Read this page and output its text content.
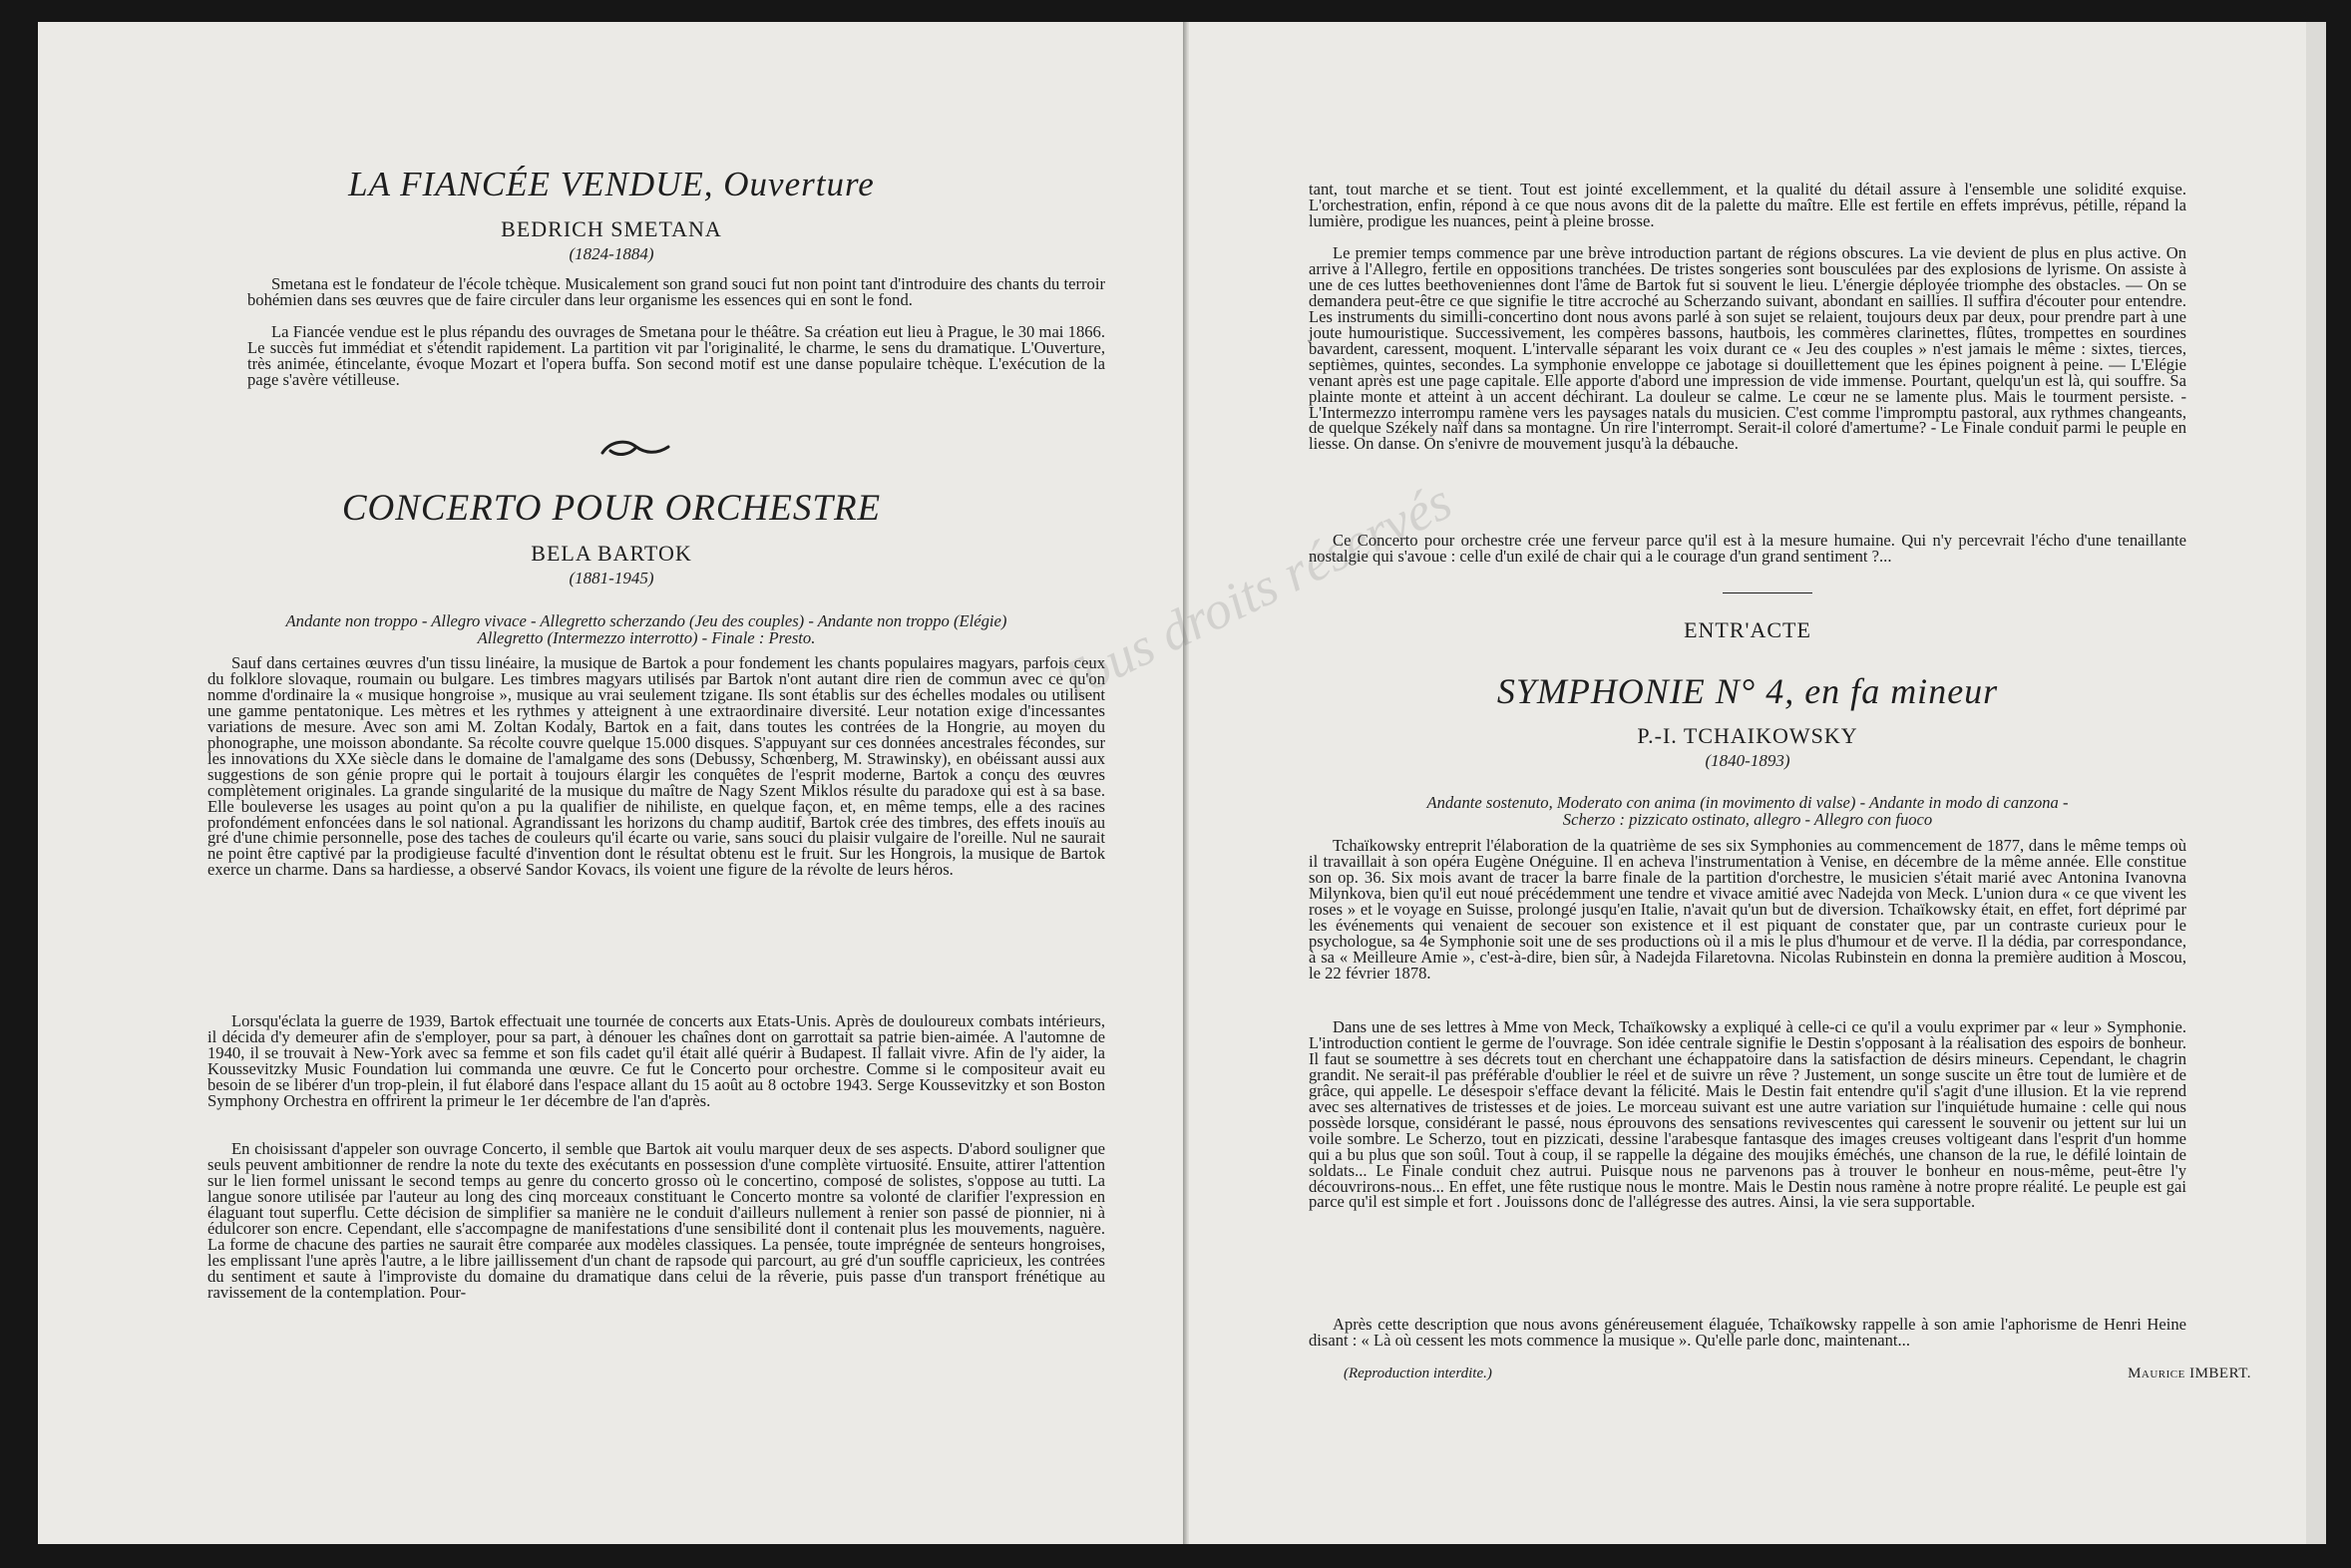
LA FIANCÉE VENDUE, Ouverture
BEDRICH SMETANA

(1824-1884)

Smetana est le fondateur de l'école tchèque. Musicalement son grand souci fut non point tant d'introduire des chants du terroir bohémien dans ses œuvres que de faire circuler dans leur organisme les essences qui en sont le fond.

La Fiancée vendue est le plus répandu des ouvrages de Smetana pour le théâtre. Sa création eut lieu à Prague, le 30 mai 1866. Le succès fut immédiat et s'étendit rapidement. La partition vit par l'originalité, le charme, le sens du dramatique. L'Ouverture, très animée, étincelante, évoque Mozart et l'opera buffa. Son second motif est une danse populaire tchèque. L'exécution de la page s'avère vétilleuse.

CONCERTO POUR ORCHESTRE
BELA BARTOK

(1881-1945)

Andante non troppo - Allegro vivace - Allegretto scherzando (Jeu des couples) - Andante non troppo (Elégie)

Allegretto (Intermezzo interrotto) - Finale : Presto.

Sauf dans certaines œuvres d'un tissu linéaire, la musique de Bartok a pour fondement les chants populaires magyars, parfois ceux du folklore slovaque, roumain ou bulgare. Les timbres magyars utilisés par Bartok n'ont autant dire rien de commun avec ce qu'on nomme d'ordinaire la « musique hongroise », musique au vrai seulement tzigane. Ils sont établis sur des échelles modales ou utilisent une gamme pentatonique. Les mètres et les rythmes y atteignent à une extraordinaire diversité. Leur notation exige d'incessantes variations de mesure. Avec son ami M. Zoltan Kodaly, Bartok en a fait, dans toutes les contrées de la Hongrie, au moyen du phonographe, une moisson abondante. Sa récolte couvre quelque 15.000 disques. S'appuyant sur ces données ancestrales fécondes, sur les innovations du XXe siècle dans le domaine de l'amalgame des sons (Debussy, Schœnberg, M. Strawinsky), en obéissant aussi aux suggestions de son génie propre qui le portait à toujours élargir les conquêtes de l'esprit moderne, Bartok a conçu des œuvres complètement originales. La grande singularité de la musique du maître de Nagy Szent Miklos résulte du paradoxe qui est à sa base. Elle bouleverse les usages au point qu'on a pu la qualifier de nihiliste, en quelque façon, et, en même temps, elle a des racines profondément enfoncées dans le sol national. Agrandissant les horizons du champ auditif, Bartok crée des timbres, des effets inouïs au gré d'une chimie personnelle, pose des taches de couleurs qu'il écarte ou varie, sans souci du plaisir vulgaire de l'oreille. Nul ne saurait ne point être captivé par la prodigieuse faculté d'invention dont le résultat obtenu est le fruit. Sur les Hongrois, la musique de Bartok exerce un charme. Dans sa hardiesse, a observé Sandor Kovacs, ils voient une figure de la révolte de leurs héros.

Lorsqu'éclata la guerre de 1939, Bartok effectuait une tournée de concerts aux Etats-Unis. Après de douloureux combats intérieurs, il décida d'y demeurer afin de s'employer, pour sa part, à dénouer les chaînes dont on garrottait sa patrie bien-aimée. A l'automne de 1940, il se trouvait à New-York avec sa femme et son fils cadet qu'il était allé quérir à Budapest. Il fallait vivre. Afin de l'y aider, la Koussevitzky Music Foundation lui commanda une œuvre. Ce fut le Concerto pour orchestre. Comme si le compositeur avait eu besoin de se libérer d'un trop-plein, il fut élaboré dans l'espace allant du 15 août au 8 octobre 1943. Serge Koussevitzky et son Boston Symphony Orchestra en offrirent la primeur le 1er décembre de l'an d'après.

En choisissant d'appeler son ouvrage Concerto, il semble que Bartok ait voulu marquer deux de ses aspects. D'abord souligner que seuls peuvent ambitionner de rendre la note du texte des exécutants en possession d'une complète virtuosité. Ensuite, attirer l'attention sur le lien formel unissant le second temps au genre du concerto grosso où le concertino, composé de solistes, s'oppose au tutti. La langue sonore utilisée par l'auteur au long des cinq morceaux constituant le Concerto montre sa volonté de clarifier l'expression en élaguant tout superflu. Cette décision de simplifier sa manière ne le conduit d'ailleurs nullement à renier son passé de pionnier, ni à édulcorer son encre. Cependant, elle s'accompagne de manifestations d'une sensibilité dont il contenait plus les mouvements, naguère. La forme de chacune des parties ne saurait être comparée aux modèles classiques. La pensée, toute imprégnée de senteurs hongroises, les emplissant l'une après l'autre, a le libre jaillissement d'un chant de rapsode qui parcourt, au gré d'un souffle capricieux, les contrées du sentiment et saute à l'improviste du domaine du dramatique dans celui de la rêverie, puis passe d'un transport frénétique au ravissement de la contemplation. Pour-

tant, tout marche et se tient. Tout est jointé excellemment, et la qualité du détail assure à l'ensemble une solidité exquise. L'orchestration, enfin, répond à ce que nous avons dit de la palette du maître. Elle est fertile en effets imprévus, pétille, répand la lumière, prodigue les nuances, peint à pleine brosse.

Le premier temps commence par une brève introduction partant de régions obscures. La vie devient de plus en plus active. On arrive à l'Allegro, fertile en oppositions tranchées. De tristes songeries sont bousculées par des explosions de lyrisme. On assiste à une de ces luttes beethoveniennes dont l'âme de Bartok fut si souvent le lieu. L'énergie déployée triomphe des obstacles. — On se demandera peut-être ce que signifie le titre accroché au Scherzando suivant, abondant en saillies. Il suffira d'écouter pour entendre. Les instruments du similli-concertino dont nous avons parlé à son sujet se relaient, toujours deux par deux, pour prendre part à une joute humouristique. Successivement, les compères bassons, hautbois, les commères clarinettes, flûtes, trompettes en sourdines bavardent, caressent, moquent. L'intervalle séparant les voix durant ce « Jeu des couples » n'est jamais le même : sixtes, tierces, septièmes, quintes, secondes. La symphonie enveloppe ce jabotage si douillettement que les épines poignent à peine. — L'Elégie venant après est une page capitale. Elle apporte d'abord une impression de vide immense. Pourtant, quelqu'un est là, qui souffre. Sa plainte monte et atteint à un accent déchirant. La douleur se calme. Le cœur ne se lamente plus. Mais le tourment persiste. - L'Intermezzo interrompu ramène vers les paysages natals du musicien. C'est comme l'impromptu pastoral, aux rythmes changeants, de quelque Székely naïf dans sa montagne. Un rire l'interrompt. Serait-il coloré d'amertume? - Le Finale conduit parmi le peuple en liesse. On danse. On s'enivre de mouvement jusqu'à la débauche.

Ce Concerto pour orchestre crée une ferveur parce qu'il est à la mesure humaine. Qui n'y percevrait l'écho d'une tenaillante nostalgie qui s'avoue : celle d'un exilé de chair qui a le courage d'un grand sentiment ?...

ENTR'ACTE
SYMPHONIE N° 4, en fa mineur
P.-I. TCHAIKOWSKY

(1840-1893)

Andante sostenuto, Moderato con anima (in movimento di valse) - Andante in modo di canzona -

Scherzo : pizzicato ostinato, allegro - Allegro con fuoco

Tchaïkowsky entreprit l'élaboration de la quatrième de ses six Symphonies au commencement de 1877, dans le même temps où il travaillait à son opéra Eugène Onéguine. Il en acheva l'instrumentation à Venise, en décembre de la même année. Elle constitue son op. 36. Six mois avant de tracer la barre finale de la partition d'orchestre, le musicien s'était marié avec Antonina Ivanovna Milynkova, bien qu'il eut noué précédemment une tendre et vivace amitié avec Nadejda von Meck. L'union dura « ce que vivent les roses » et le voyage en Suisse, prolongé jusqu'en Italie, n'avait qu'un but de diversion. Tchaïkowsky était, en effet, fort déprimé par les événements qui venaient de secouer son existence et il est piquant de constater que, par un contraste curieux pour le psychologue, sa 4e Symphonie soit une de ses productions où il a mis le plus d'humour et de verve. Il la dédia, par correspondance, à sa « Meilleure Amie », c'est-à-dire, bien sûr, à Nadejda Filaretovna. Nicolas Rubinstein en donna la première audition à Moscou, le 22 février 1878.

Dans une de ses lettres à Mme von Meck, Tchaïkowsky a expliqué à celle-ci ce qu'il a voulu exprimer par « leur » Symphonie. L'introduction contient le germe de l'ouvrage. Son idée centrale signifie le Destin s'opposant à la réalisation des espoirs de bonheur. Il faut se soumettre à ses décrets tout en cherchant une échappatoire dans la satisfaction de désirs mineurs. Cependant, le chagrin grandit. Ne serait-il pas préférable d'oublier le réel et de suivre un rêve ? Justement, un songe suscite un être tout de lumière et de grâce, qui appelle. Le désespoir s'efface devant la félicité. Mais le Destin fait entendre qu'il s'agit d'une illusion. Et la vie reprend avec ses alternatives de tristesses et de joies. Le morceau suivant est une autre variation sur l'inquiétude humaine : celle qui nous possède lorsque, considérant le passé, nous éprouvons des sensations revivescentes qui caressent le souvenir ou jettent sur lui un voile sombre. Le Scherzo, tout en pizzicati, dessine l'arabesque fantasque des images creuses voltigeant dans l'esprit d'un homme qui a bu plus que son soûl. Tout à coup, il se rappelle la dégaine des moujiks éméchés, une chanson de la rue, le défilé lointain de soldats... Le Finale conduit chez autrui. Puisque nous ne parvenons pas à trouver le bonheur en nous-même, peut-être l'y découvrirons-nous... En effet, une fête rustique nous le montre. Mais le Destin nous ramène à notre propre réalité. Le peuple est gai parce qu'il est simple et fort . Jouissons donc de l'allégresse des autres. Ainsi, la vie sera supportable.

Après cette description que nous avons généreusement élaguée, Tchaïkowsky rappelle à son amie l'aphorisme de Henri Heine disant : « Là où cessent les mots commence la musique ». Qu'elle parle donc, maintenant...

(Reproduction interdite.)	Maurice IMBERT.
